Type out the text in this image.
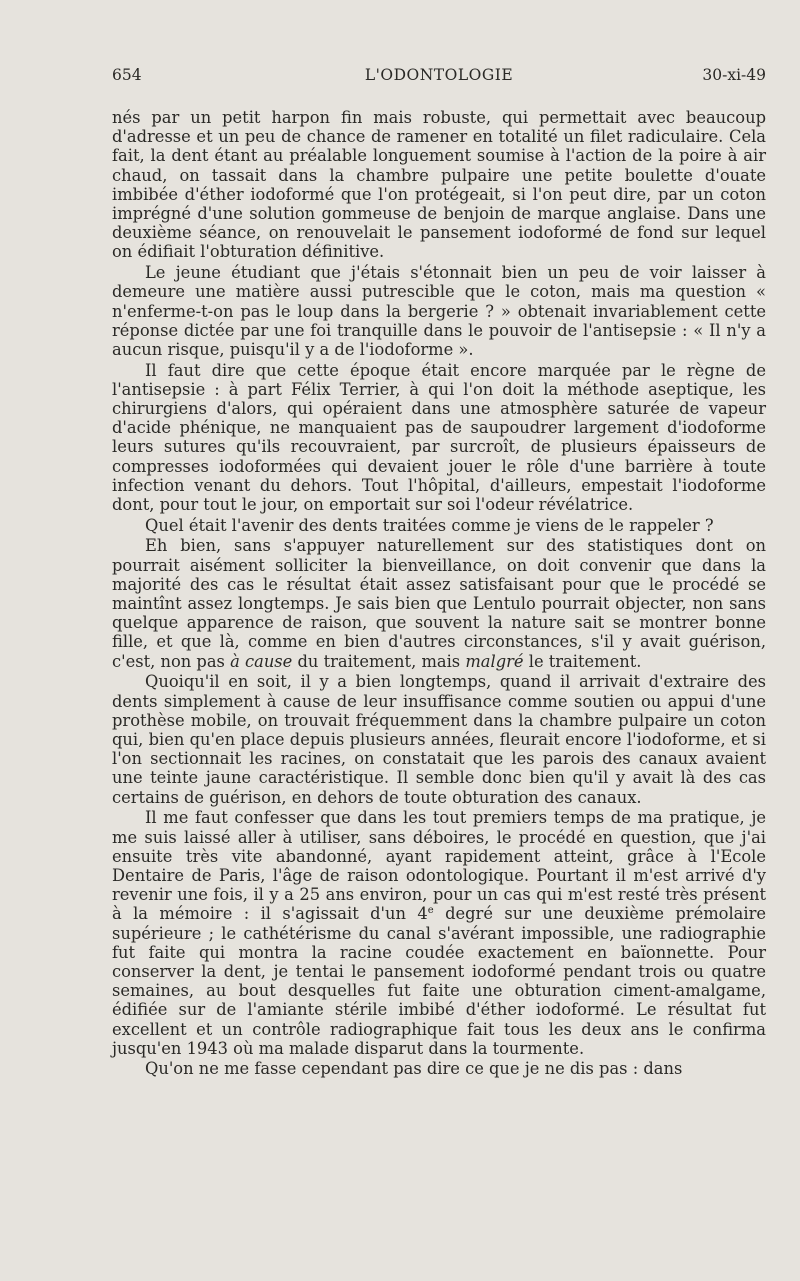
654	L'ODONTOLOGIE	30-xi-49

nés par un petit harpon fin mais robuste, qui permettait avec beaucoup d'adresse et un peu de chance de ramener en totalité un filet radiculaire. Cela fait, la dent étant au préalable longuement soumise à l'action de la poire à air chaud, on tassait dans la chambre pulpaire une petite boulette d'ouate imbibée d'éther iodoformé que l'on protégeait, si l'on peut dire, par un coton imprégné d'une solution gommeuse de benjoin de marque anglaise. Dans une deuxième séance, on renouvelait le pansement iodoformé de fond sur lequel on édifiait l'obturation définitive.

Le jeune étudiant que j'étais s'étonnait bien un peu de voir laisser à demeure une matière aussi putrescible que le coton, mais ma question « n'enferme-t-on pas le loup dans la bergerie ? » obtenait invariablement cette réponse dictée par une foi tranquille dans le pouvoir de l'antisepsie : « Il n'y a aucun risque, puisqu'il y a de l'iodoforme ».

Il faut dire que cette époque était encore marquée par le règne de l'antisepsie : à part Félix Terrier, à qui l'on doit la méthode aseptique, les chirurgiens d'alors, qui opéraient dans une atmosphère saturée de vapeur d'acide phénique, ne manquaient pas de saupoudrer largement d'iodoforme leurs sutures qu'ils recouvraient, par surcroît, de plusieurs épaisseurs de compresses iodoformées qui devaient jouer le rôle d'une barrière à toute infection venant du dehors. Tout l'hôpital, d'ailleurs, empestait l'iodoforme dont, pour tout le jour, on emportait sur soi l'odeur révélatrice.

Quel était l'avenir des dents traitées comme je viens de le rappeler ?

Eh bien, sans s'appuyer naturellement sur des statistiques dont on pourrait aisément solliciter la bienveillance, on doit convenir que dans la majorité des cas le résultat était assez satisfaisant pour que le procédé se maintînt assez longtemps. Je sais bien que Lentulo pourrait objecter, non sans quelque apparence de raison, que souvent la nature sait se montrer bonne fille, et que là, comme en bien d'autres circonstances, s'il y avait guérison, c'est, non pas à cause du traitement, mais malgré le traitement.

Quoiqu'il en soit, il y a bien longtemps, quand il arrivait d'extraire des dents simplement à cause de leur insuffisance comme soutien ou appui d'une prothèse mobile, on trouvait fréquemment dans la chambre pulpaire un coton qui, bien qu'en place depuis plusieurs années, fleurait encore l'iodoforme, et si l'on sectionnait les racines, on constatait que les parois des canaux avaient une teinte jaune caractéristique. Il semble donc bien qu'il y avait là des cas certains de guérison, en dehors de toute obturation des canaux.

Il me faut confesser que dans les tout premiers temps de ma pratique, je me suis laissé aller à utiliser, sans déboires, le procédé en question, que j'ai ensuite très vite abandonné, ayant rapidement atteint, grâce à l'Ecole Dentaire de Paris, l'âge de raison odontologique. Pourtant il m'est arrivé d'y revenir une fois, il y a 25 ans environ, pour un cas qui m'est resté très présent à la mémoire : il s'agissait d'un 4e degré sur une deuxième prémolaire supérieure ; le cathétérisme du canal s'avérant impossible, une radiographie fut faite qui montra la racine coudée exactement en baïonnette. Pour conserver la dent, je tentai le pansement iodoformé pendant trois ou quatre semaines, au bout desquelles fut faite une obturation ciment-amalgame, édifiée sur de l'amiante stérile imbibé d'éther iodoformé. Le résultat fut excellent et un contrôle radiographique fait tous les deux ans le confirma jusqu'en 1943 où ma malade disparut dans la tourmente.

Qu'on ne me fasse cependant pas dire ce que je ne dis pas : dans
